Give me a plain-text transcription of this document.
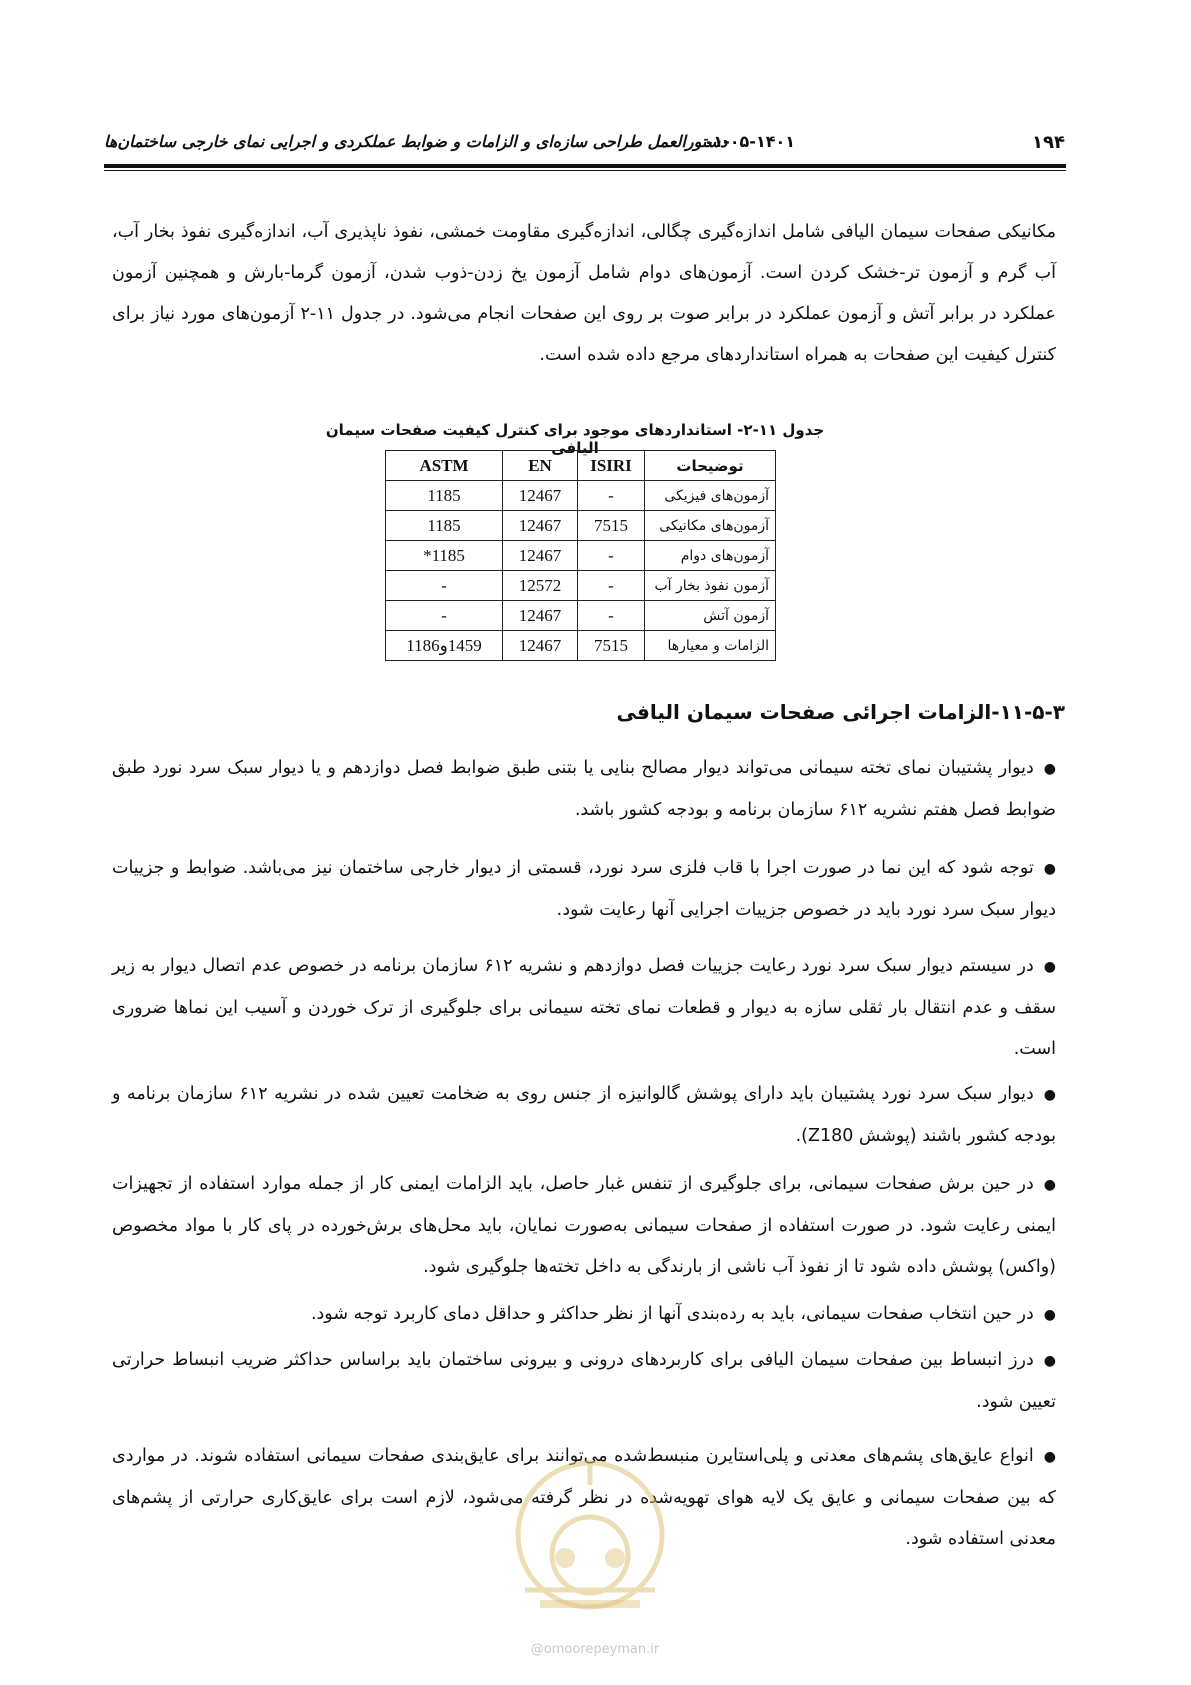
۱۹۴
۰۱-۰۵-۱۴۰۱
دستورالعمل طراحی سازه‌ای و الزامات و ضوابط عملکردی و اجرایی نمای خارجی ساختمان‌ها
مکانیکی صفحات سیمان الیافی شامل اندازه‌گیری چگالی، اندازه‌گیری مقاومت خمشی، نفوذ ناپذیری آب، اندازه‌گیری نفوذ بخار آب، آب گرم و آزمون تر-خشک کردن است. آزمون‌های دوام شامل آزمون یخ زدن-ذوب شدن، آزمون گرما-بارش و همچنین آزمون عملکرد در برابر آتش و آزمون عملکرد در برابر صوت بر روی این صفحات انجام می‌شود. در جدول ۱۱-۲ آزمون‌های مورد نیاز برای کنترل کیفیت این صفحات به همراه استانداردهای مرجع داده شده است.
جدول ۱۱-۲- استانداردهای موجود برای کنترل کیفیت صفحات سیمان الیافی
توضیحات	ISIRI	EN	ASTM
آزمون‌های فیزیکی	-	12467	1185
آزمون‌های مکانیکی	7515	12467	1185
آزمون‌های دوام	-	12467	1185*
آزمون نفوذ بخار آب	-	12572	-
آزمون آتش	-	12467	-
الزامات و معیارها	7515	12467	1459و1186
۱۱-۵-۳-الزامات اجرائی صفحات سیمان الیافی
●دیوار پشتیبان نمای تخته سیمانی می‌تواند دیوار مصالح بنایی یا بتنی طبق ضوابط فصل دوازدهم و یا دیوار سبک سرد نورد طبق ضوابط فصل هفتم نشریه ۶۱۲ سازمان برنامه و بودجه کشور باشد.
●توجه شود که این نما در صورت اجرا با قاب فلزی سرد نورد، قسمتی از دیوار خارجی ساختمان نیز می‌باشد. ضوابط و جزییات دیوار سبک سرد نورد باید در خصوص جزییات اجرایی آنها رعایت شود.
●در سیستم دیوار سبک سرد نورد رعایت جزییات فصل دوازدهم و نشریه ۶۱۲ سازمان برنامه در خصوص عدم اتصال دیوار به زیر سقف و عدم انتقال بار ثقلی سازه به دیوار و قطعات نمای تخته سیمانی برای جلوگیری از ترک خوردن و آسیب این نماها ضروری است.
●دیوار سبک سرد نورد پشتیبان باید دارای پوشش گالوانیزه از جنس روی به ضخامت تعیین شده در نشریه ۶۱۲ سازمان برنامه و بودجه کشور باشند (پوشش Z180).
●در حین برش صفحات سیمانی، برای جلوگیری از تنفس غبار حاصل، باید الزامات ایمنی کار از جمله موارد استفاده از تجهیزات ایمنی رعایت شود. در صورت استفاده از صفحات سیمانی به‌صورت نمایان، باید محل‌های برش‌خورده در پای کار با مواد مخصوص (واکس) پوشش داده شود تا از نفوذ آب ناشی از بارندگی به داخل تخته‌ها جلوگیری شود.
●در حین انتخاب صفحات سیمانی، باید به رده‌بندی آنها از نظر حداکثر و حداقل دمای کاربرد توجه شود.
●درز انبساط بین صفحات سیمان الیافی برای کاربردهای درونی و بیرونی ساختمان باید براساس حداکثر ضریب انبساط حرارتی تعیین شود.
●انواع عایق‌های پشم‌های معدنی و پلی‌استایرن منبسط‌شده می‌توانند برای عایق‌بندی صفحات سیمانی استفاده شوند. در مواردی که بین صفحات سیمانی و عایق یک لایه هوای تهویه‌شده در نظر گرفته می‌شود، لازم است برای عایق‌کاری حرارتی از پشم‌های معدنی استفاده شود.
@omoorepeyman.ir
